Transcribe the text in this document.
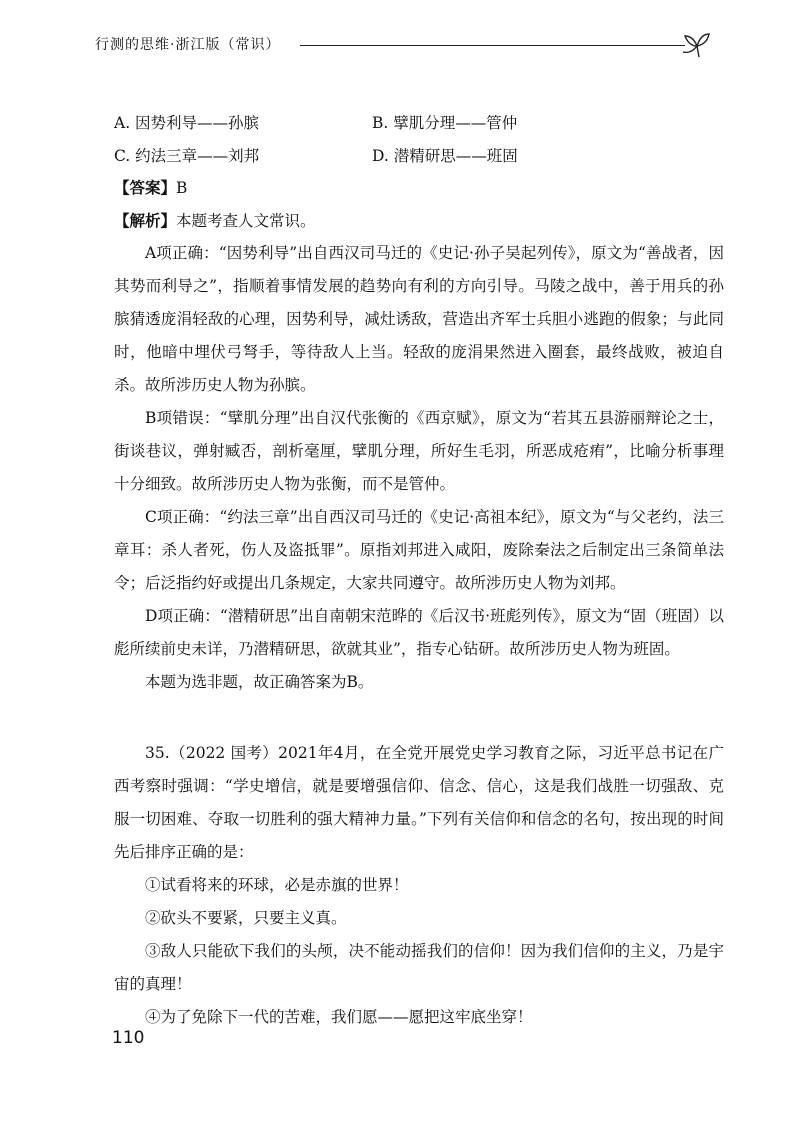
行测的思维·浙江版（常识）
A. 因势利导——孙膑	B. 擘肌分理——管仲
C. 约法三章——刘邦	D. 潜精研思——班固
【答案】B
【解析】本题考查人文常识。

A项正确：“因势利导”出自西汉司马迁的《史记·孙子吴起列传》，原文为“善战者，因其势而利导之”，指顺着事情发展的趋势向有利的方向引导。马陵之战中，善于用兵的孙膑猜透庞涓轻敌的心理，因势利导，减灶诱敌，营造出齐军士兵胆小逃跑的假象；与此同时，他暗中埋伏弓弩手，等待敌人上当。轻敌的庞涓果然进入圈套，最终战败，被迫自杀。故所涉历史人物为孙膑。

B项错误：“擘肌分理”出自汉代张衡的《西京赋》，原文为“若其五县游丽辩论之士，街谈巷议，弹射臧否，剖析毫厘，擘肌分理，所好生毛羽，所恶成疮痏”，比喻分析事理十分细致。故所涉历史人物为张衡，而不是管仲。

C项正确：“约法三章”出自西汉司马迁的《史记·高祖本纪》，原文为“与父老约，法三章耳：杀人者死，伤人及盗抵罪”。原指刘邦进入咸阳，废除秦法之后制定出三条简单法令；后泛指约好或提出几条规定，大家共同遵守。故所涉历史人物为刘邦。

D项正确：“潜精研思”出自南朝宋范晔的《后汉书·班彪列传》，原文为“固（班固）以彪所续前史未详，乃潜精研思，欲就其业”，指专心钻研。故所涉历史人物为班固。

本题为选非题，故正确答案为B。

35.（2022 国考）2021年4月，在全党开展党史学习教育之际，习近平总书记在广西考察时强调：“学史增信，就是要增强信仰、信念、信心，这是我们战胜一切强敌、克服一切困难、夺取一切胜利的强大精神力量。”下列有关信仰和信念的名句，按出现的时间先后排序正确的是：

①试看将来的环球，必是赤旗的世界！

②砍头不要紧，只要主义真。

③敌人只能砍下我们的头颅，决不能动摇我们的信仰！因为我们信仰的主义，乃是宇宙的真理！

④为了免除下一代的苦难，我们愿——愿把这牢底坐穿！

110
